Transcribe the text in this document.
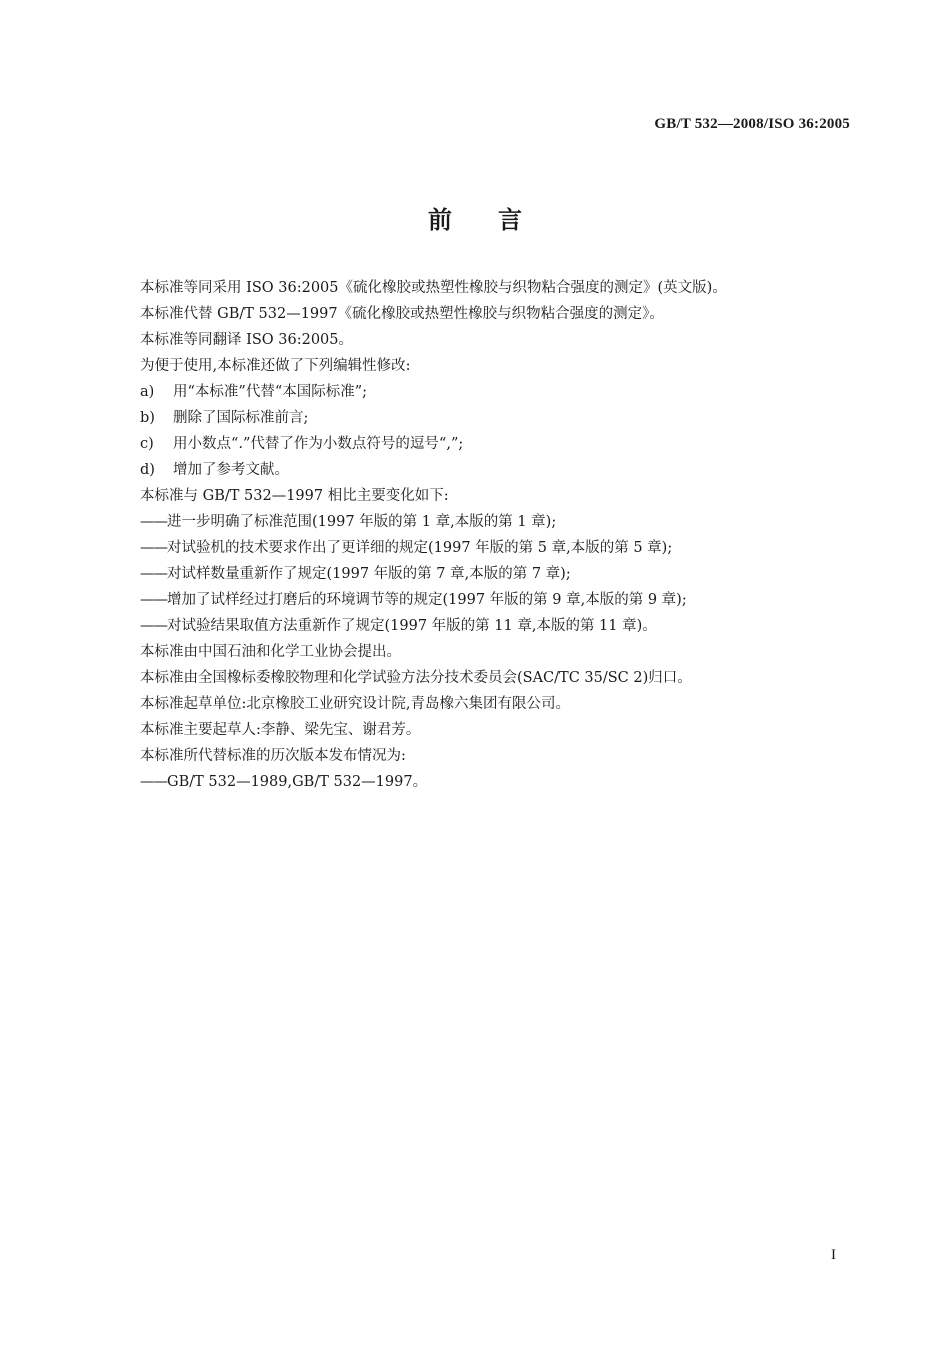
GB/T 532—2008/ISO 36:2005
前言

本标准等同采用 ISO 36:2005《硫化橡胶或热塑性橡胶与织物粘合强度的测定》(英文版)。

本标准代替 GB/T 532—1997《硫化橡胶或热塑性橡胶与织物粘合强度的测定》。

本标准等同翻译 ISO 36:2005。

为便于使用,本标准还做了下列编辑性修改:

a)	用“本标准”代替“本国际标准”;

b)	删除了国际标准前言;

c)	用小数点“.”代替了作为小数点符号的逗号“,”;

d)	增加了参考文献。

本标准与 GB/T 532—1997 相比主要变化如下:

——进一步明确了标准范围(1997 年版的第 1 章,本版的第 1 章);

——对试验机的技术要求作出了更详细的规定(1997 年版的第 5 章,本版的第 5 章);

——对试样数量重新作了规定(1997 年版的第 7 章,本版的第 7 章);

——增加了试样经过打磨后的环境调节等的规定(1997 年版的第 9 章,本版的第 9 章);

——对试验结果取值方法重新作了规定(1997 年版的第 11 章,本版的第 11 章)。

本标准由中国石油和化学工业协会提出。

本标准由全国橡标委橡胶物理和化学试验方法分技术委员会(SAC/TC 35/SC 2)归口。

本标准起草单位:北京橡胶工业研究设计院,青岛橡六集团有限公司。

本标准主要起草人:李静、梁先宝、谢君芳。

本标准所代替标准的历次版本发布情况为:

——GB/T 532—1989,GB/T 532—1997。

I
